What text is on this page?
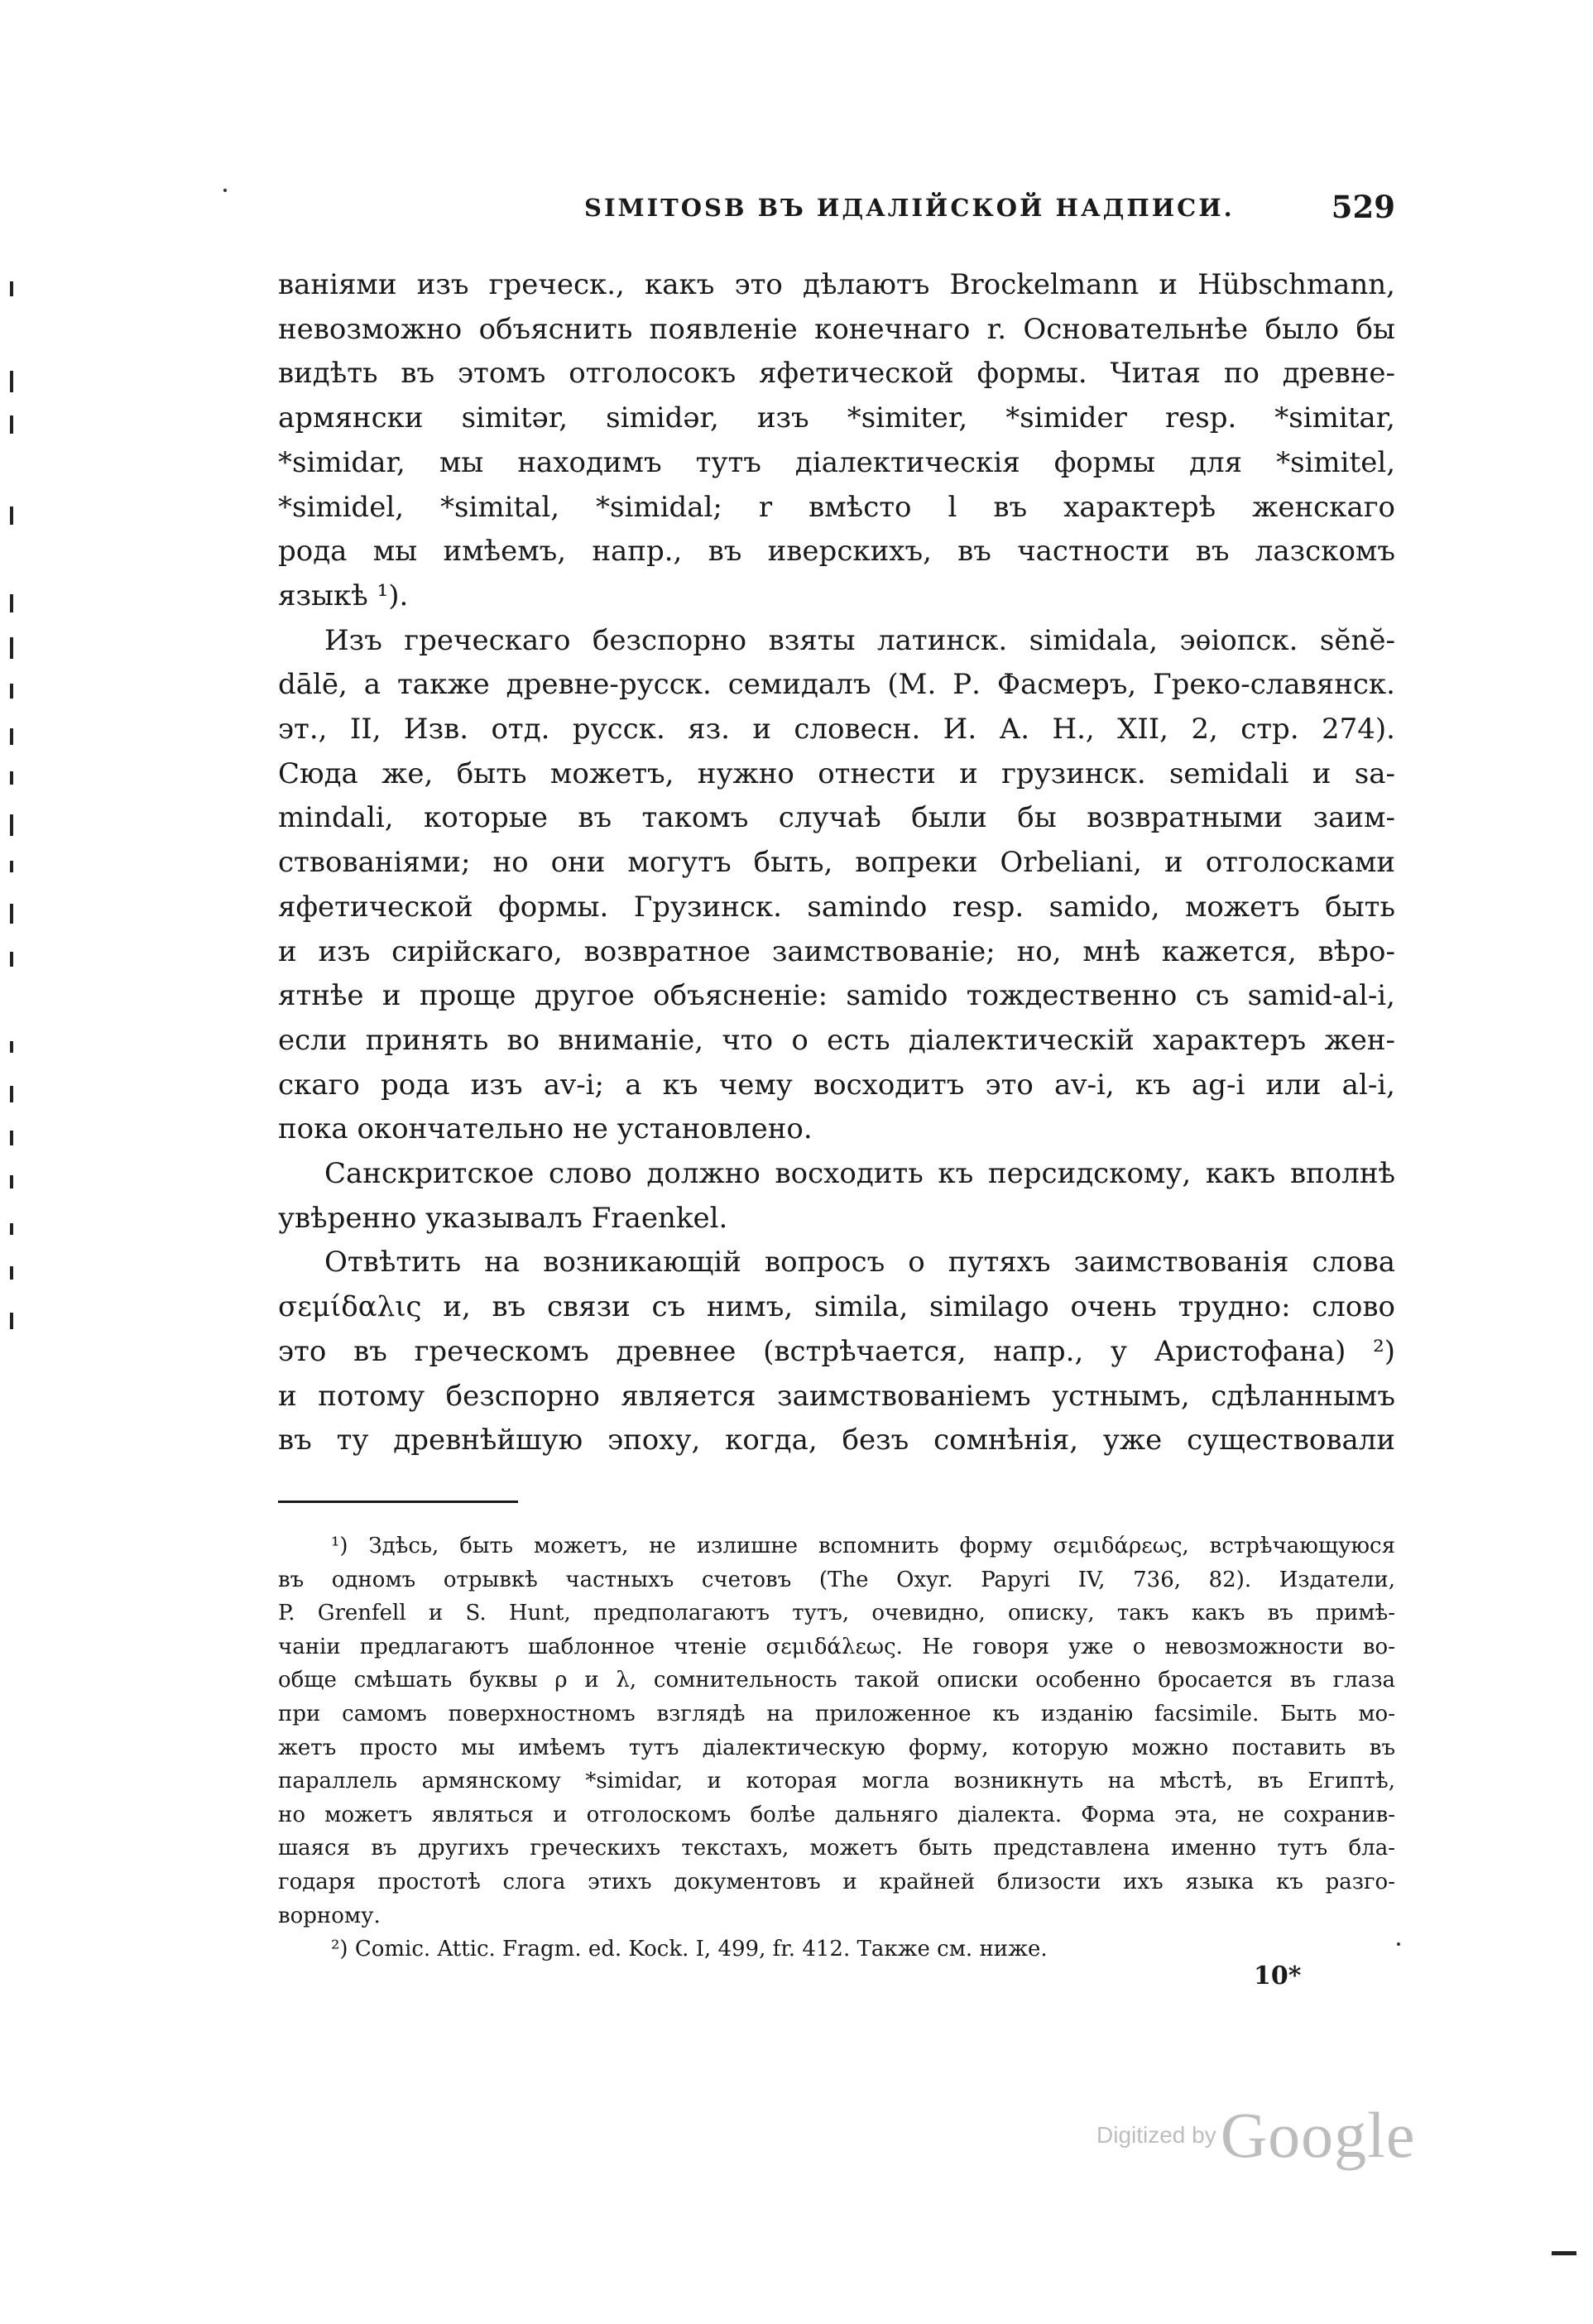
SIMITOSB ВЪ ИДАЛІЙСКОЙ НАДПИСИ.	529

ваніями изъ греческ., какъ это дѣлаютъ Brockelmann и Hübschmann,
невозможно объяснить появленіе конечнаго r. Основательнѣе было бы
видѣть въ этомъ отголосокъ яфетической формы. Читая по древне-
армянски simitər, simidər, изъ *simiter, *simider resp. *simitar,
*simidar, мы находимъ тутъ діалектическія формы для *simitel,
*simidel, *simital, *simidal; r вмѣсто l въ характерѣ женскаго
рода мы имѣемъ, напр., въ иверскихъ, въ частности въ лазскомъ
языкѣ ¹).

Изъ греческаго безспорно взяты латинск. simidala, эѳіопск. sĕnĕ-
dālē, а также древне-русск. семидалъ (М. Р. Фасмеръ, Греко-славянск.
эт., II, Изв. отд. русск. яз. и словесн. И. А. Н., XII, 2, стр. 274).
Сюда же, быть можетъ, нужно отнести и грузинск. semidali и sa-
mindali, которые въ такомъ случаѣ были бы возвратными заим-
ствованіями; но они могутъ быть, вопреки Orbeliani, и отголосками
яфетической формы. Грузинск. samindo resp. samido, можетъ быть
и изъ сирійскаго, возвратное заимствованіе; но, мнѣ кажется, вѣро-
ятнѣе и проще другое объясненіе: samido тождественно съ samid-al-i,
если принять во вниманіе, что o есть діалектическій характеръ жен-
скаго рода изъ av-i; а къ чему восходитъ это av-i, къ ag-i или al-i,
пока окончательно не установлено.

Санскритское слово должно восходить къ персидскому, какъ вполнѣ
увѣренно указывалъ Fraenkel.

Отвѣтить на возникающій вопросъ о путяхъ заимствованія слова
σεμίδαλις и, въ связи съ нимъ, simila, similago очень трудно: слово
это въ греческомъ древнее (встрѣчается, напр., у Аристофана) ²)
и потому безспорно является заимствованіемъ устнымъ, сдѣланнымъ
въ ту древнѣйшую эпоху, когда, безъ сомнѣнія, уже существовали

¹) Здѣсь, быть можетъ, не излишне вспомнить форму σεμιδάρεως, встрѣчающуюся
въ одномъ отрывкѣ частныхъ счетовъ (The Oxyr. Papyri IV, 736, 82). Издатели,
P. Grenfell и S. Hunt, предполагаютъ тутъ, очевидно, описку, такъ какъ въ примѣ-
чаніи предлагаютъ шаблонное чтеніе σεμιδάλεως. Не говоря уже о невозможности во-
обще смѣшать буквы ρ и λ, сомнительность такой описки особенно бросается въ глаза
при самомъ поверхностномъ взглядѣ на приложенное къ изданію facsimile. Быть мо-
жетъ просто мы имѣемъ тутъ діалектическую форму, которую можно поставить въ
параллель армянскому *simidar, и которая могла возникнуть на мѣстѣ, въ Египтѣ,
но можетъ являться и отголоскомъ болѣе дальняго діалекта. Форма эта, не сохранив-
шаяся въ другихъ греческихъ текстахъ, можетъ быть представлена именно тутъ бла-
годаря простотѣ слога этихъ документовъ и крайней близости ихъ языка къ разго-
ворному.

²) Comic. Attic. Fragm. ed. Kock. I, 499, fr. 412. Также см. ниже.

10*
Digitized by Google
